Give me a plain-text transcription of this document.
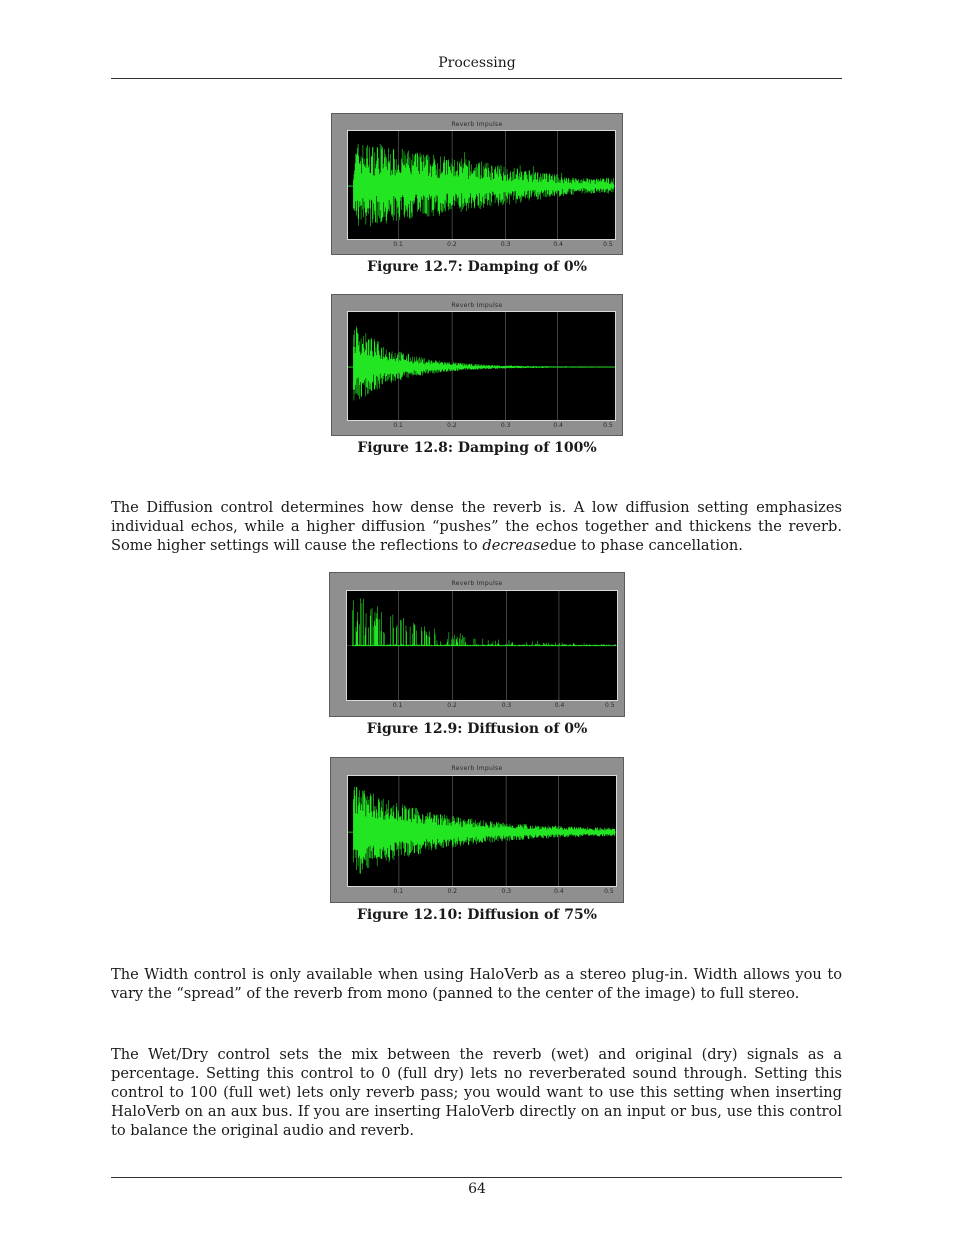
Processing
Reverb Impulse
0.1	0.2	0.3	0.4	0.5
Figure 12.7: Damping of 0%
Reverb Impulse
0.1	0.2	0.3	0.4	0.5
Figure 12.8: Damping of 100%

The Diffusion control determines how dense the reverb is. A low diffusion setting emphasizes individual echos, while a higher diffusion “pushes” the echos together and thickens the reverb. Some higher settings will cause the reflections to decreasedue to phase cancellation.

Reverb Impulse
0.1	0.2	0.3	0.4	0.5
Figure 12.9: Diffusion of 0%
Reverb Impulse
0.1	0.2	0.3	0.4	0.5
Figure 12.10: Diffusion of 75%

The Width control is only available when using HaloVerb as a stereo plug-in. Width allows you to vary the “spread” of the reverb from mono (panned to the center of the image) to full stereo.

The Wet/Dry control sets the mix between the reverb (wet) and original (dry) signals as a percentage. Setting this control to 0 (full dry) lets no reverberated sound through. Setting this control to 100 (full wet) lets only reverb pass; you would want to use this setting when inserting HaloVerb on an aux bus. If you are inserting HaloVerb directly on an input or bus, use this control to balance the original audio and reverb.

64
